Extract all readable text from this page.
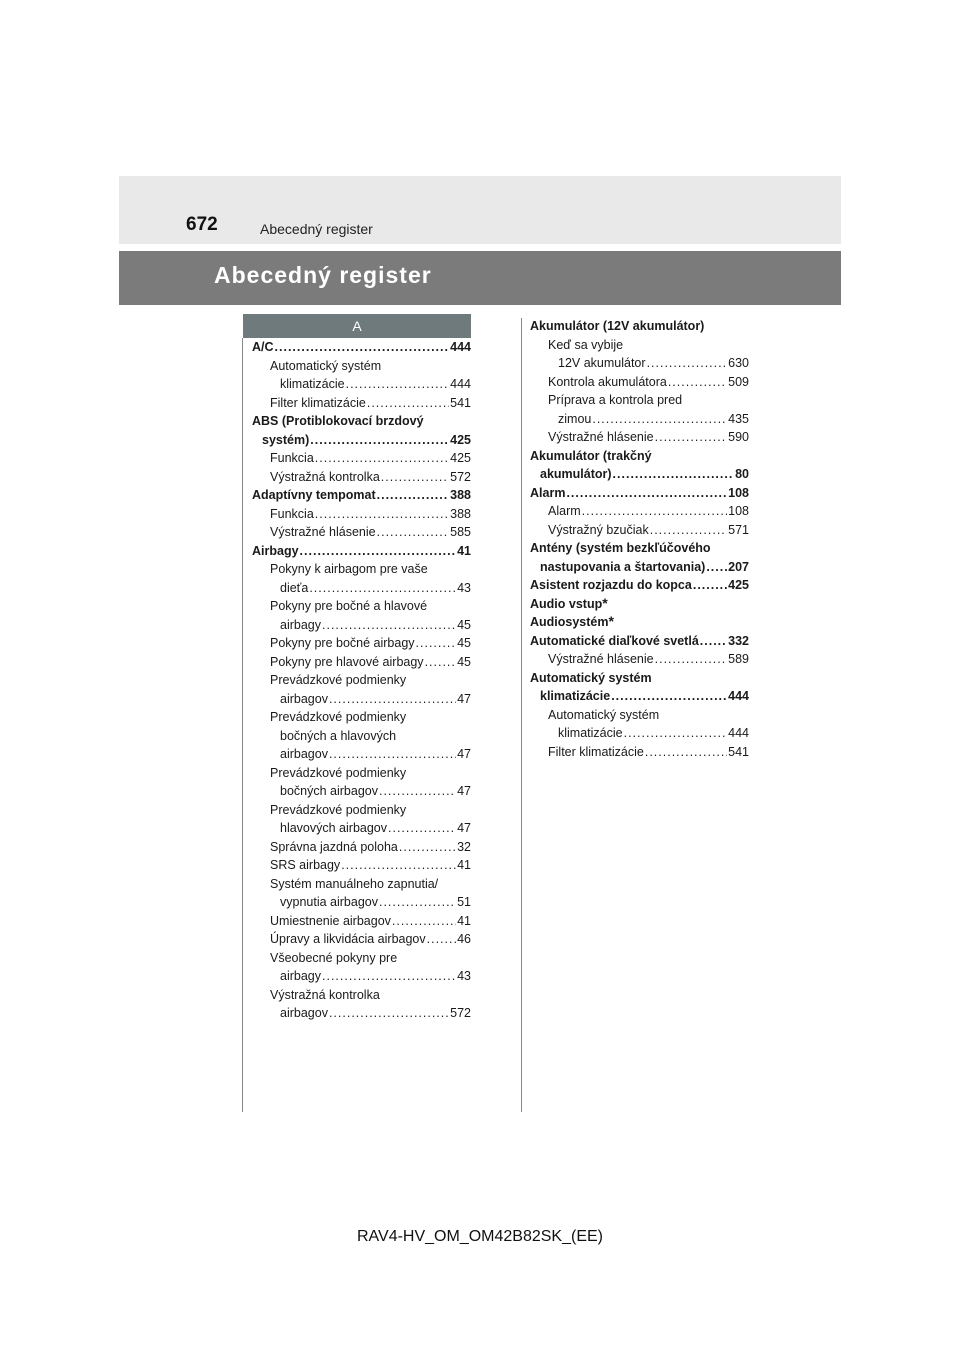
672	Abecedný register
Abecedný register
A
A/C .....	444
Automatický systém
klimatizácie .....	444
Filter klimatizácie .....	541
ABS (Protiblokovací brzdový
systém) .....	425
Funkcia .....	425
Výstražná kontrolka .....	572
Adaptívny tempomat .....	388
Funkcia .....	388
Výstražné hlásenie .....	585
Airbagy .....	41
Pokyny k airbagom pre vaše
dieťa .....	43
Pokyny pre bočné a hlavové
airbagy .....	45
Pokyny pre bočné airbagy .....	45
Pokyny pre hlavové airbagy .....	45
Prevádzkové podmienky
airbagov .....	47
Prevádzkové podmienky
bočných a hlavových
airbagov .....	47
Prevádzkové podmienky
bočných airbagov .....	47
Prevádzkové podmienky
hlavových airbagov .....	47
Správna jazdná poloha .....	32
SRS airbagy .....	41
Systém manuálneho zapnutia/
vypnutia airbagov .....	51
Umiestnenie airbagov .....	41
Úpravy a likvidácia airbagov .....	46
Všeobecné pokyny pre
airbagy .....	43
Výstražná kontrolka
airbagov .....	572
Akumulátor (12V akumulátor)
Keď sa vybije
12V akumulátor .....	630
Kontrola akumulátora .....	509
Príprava a kontrola pred
zimou .....	435
Výstražné hlásenie .....	590
Akumulátor (trakčný
akumulátor) .....	80
Alarm .....	108
Alarm .....	108
Výstražný bzučiak .....	571
Antény (systém bezkľúčového
nastupovania a štartovania) ..... 207
Asistent rozjazdu do kopca .....	425
Audio vstup *
Audiosystém *
Automatické diaľkové svetlá ..... 332
Výstražné hlásenie .....	589
Automatický systém
klimatizácie .....	444
Automatický systém
klimatizácie .....	444
Filter klimatizácie .....	541
RAV4-HV_OM_OM42B82SK_(EE)
